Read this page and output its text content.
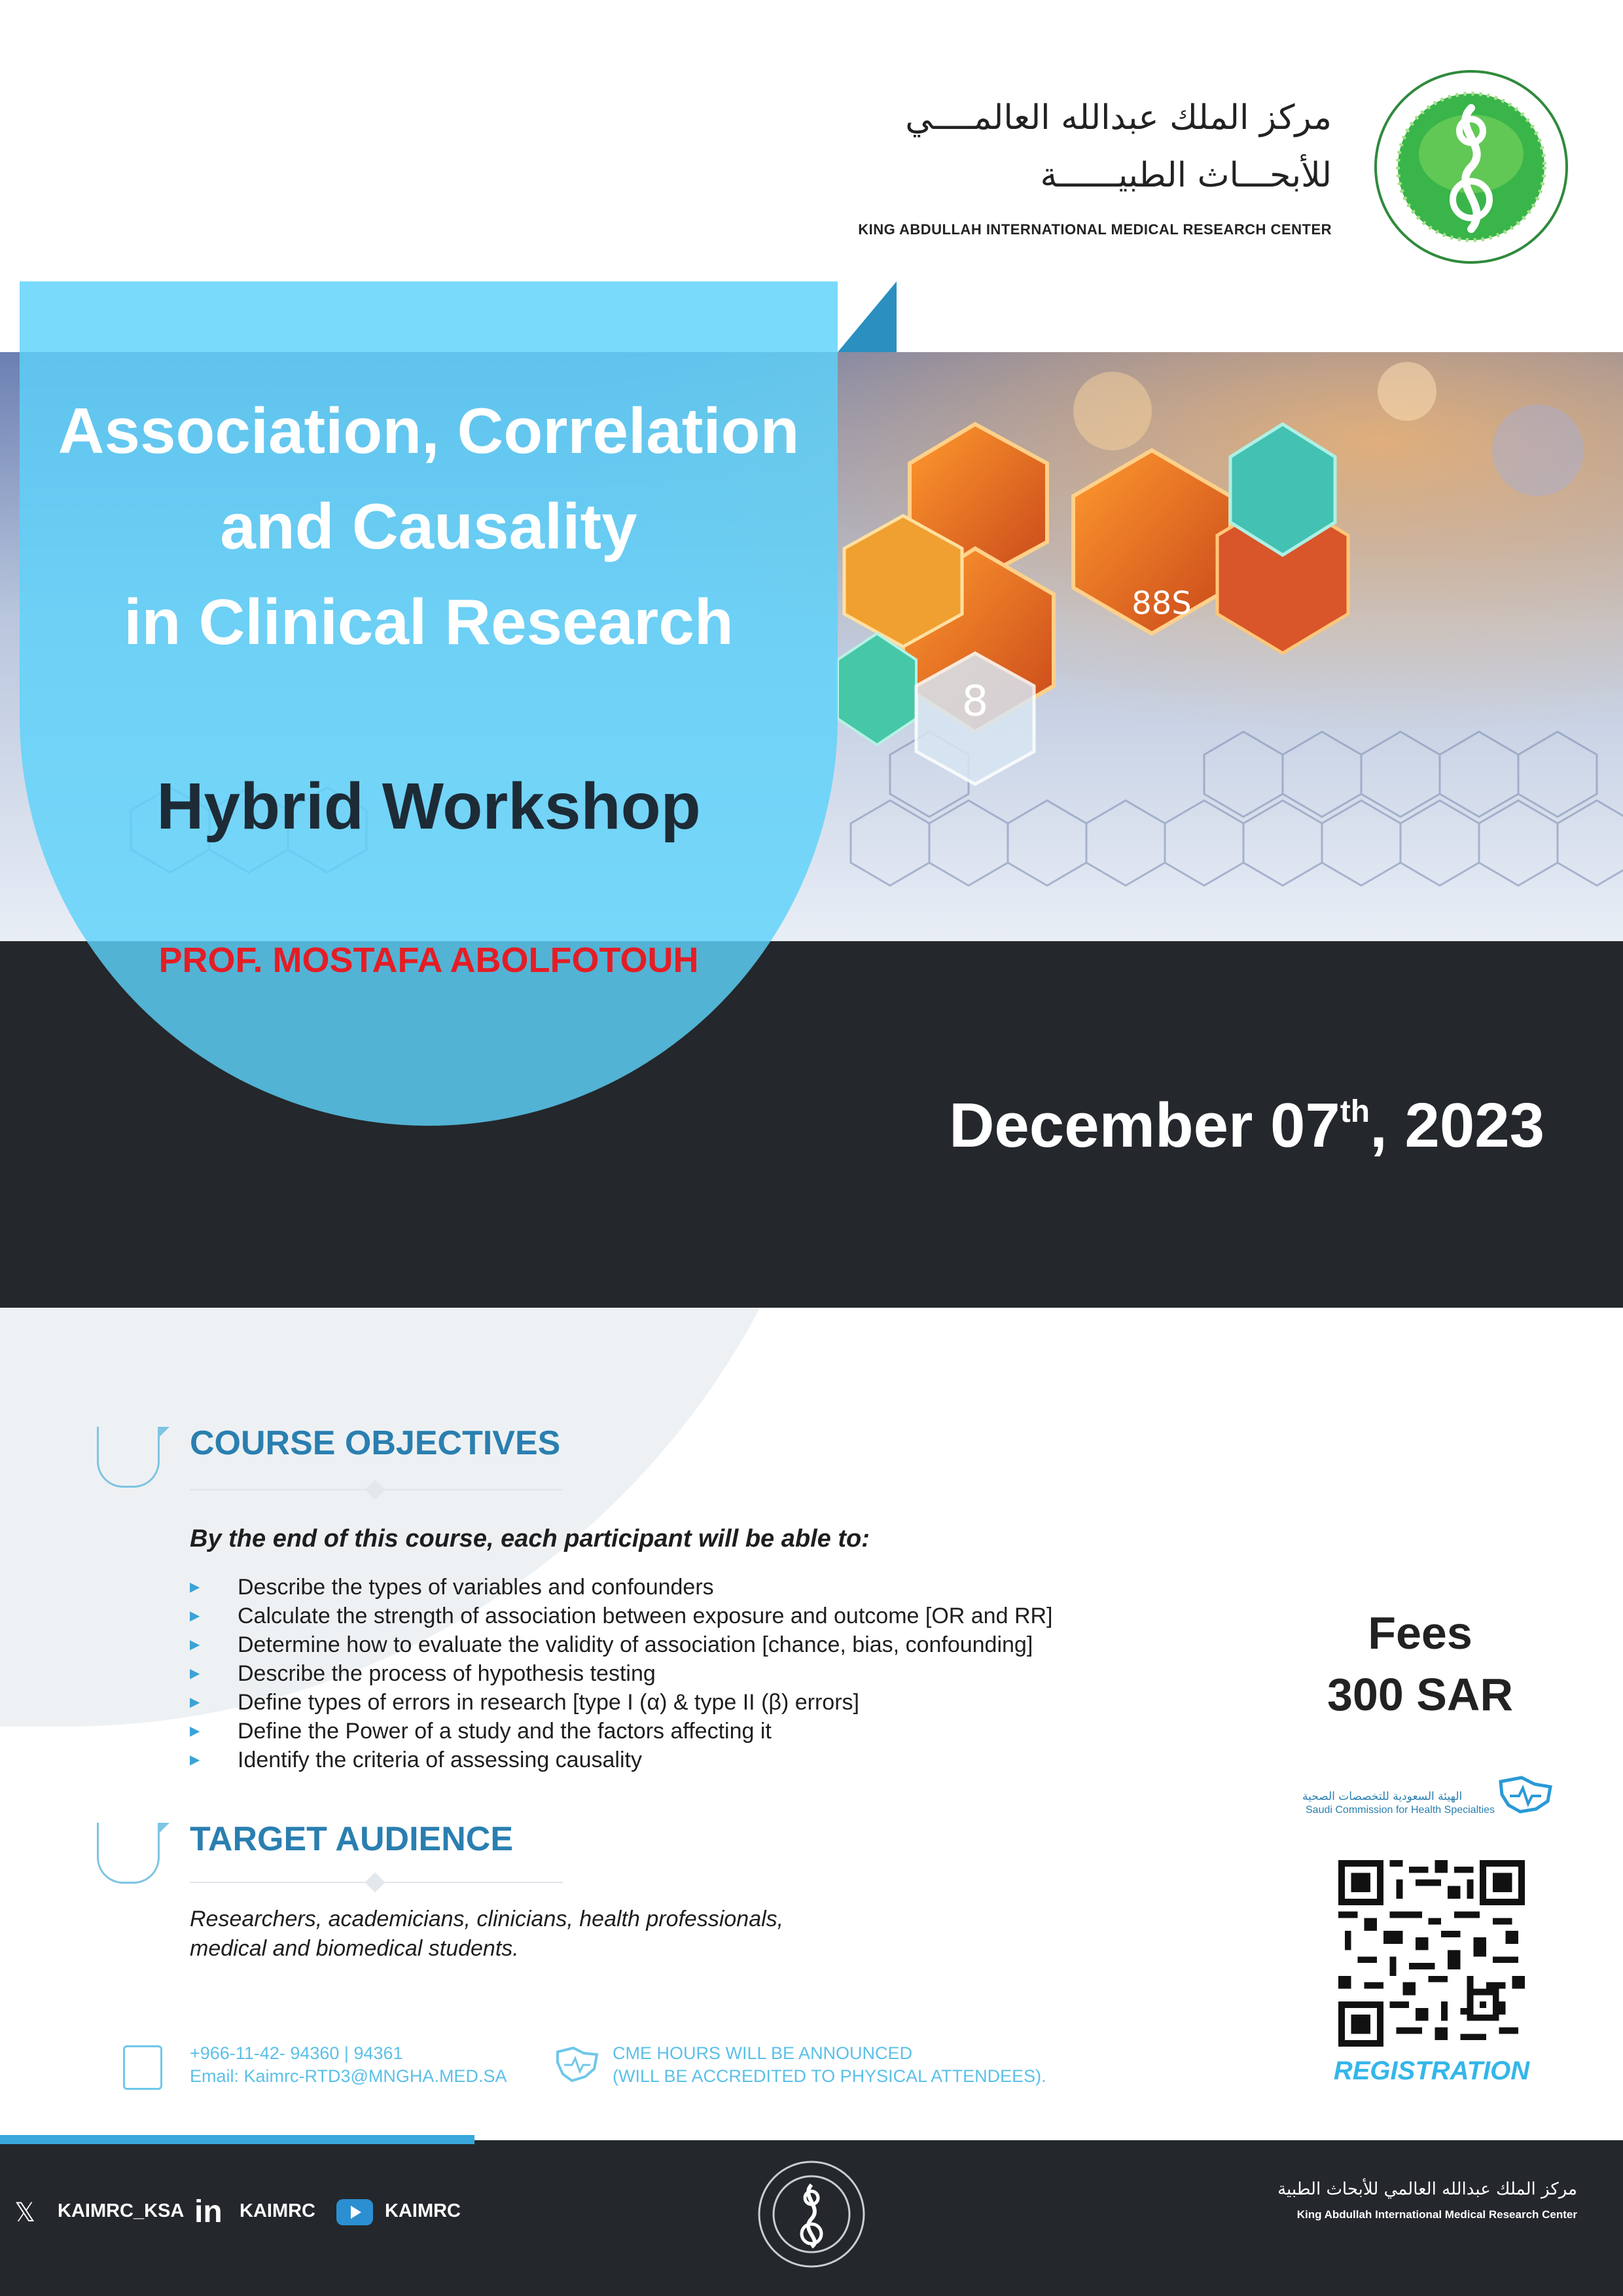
مركز الملك عبدالله العالمــــي
للأبحـــاث الطبيــــــة
KING ABDULLAH INTERNATIONAL MEDICAL RESEARCH CENTER
8
88S
Association, Correlation
and Causality
in Clinical Research
Hybrid Workshop
PROF. MOSTAFA ABOLFOTOUH
December 07th, 2023
COURSE OBJECTIVES
By the end of this course, each participant will be able to:
▶ Describe the types of variables and confounders
▶ Calculate the strength of association between exposure and outcome [OR and RR]
▶ Determine how to evaluate the validity of association [chance, bias, confounding]
▶ Describe the process of hypothesis testing
▶ Define types of errors in research [type I (α) & type II (β) errors]
▶ Define the Power of a study and the factors affecting it
▶ Identify the criteria of assessing causality
TARGET AUDIENCE
Researchers, academicians, clinicians, health professionals,
medical and biomedical students.
Fees
300 SAR
الهيئة السعودية للتخصصات الصحية
Saudi Commission for Health Specialties
REGISTRATION
+966-11-42- 94360 | 94361
Email: Kaimrc-RTD3@MNGHA.MED.SA
CME HOURS WILL BE ANNOUNCED
(WILL BE ACCREDITED TO PHYSICAL ATTENDEES).
𝕏 KAIMRC_KSA in KAIMRC	KAIMRC
مركز الملك عبدالله العالمي للأبحاث الطبية
King Abdullah International Medical Research Center
